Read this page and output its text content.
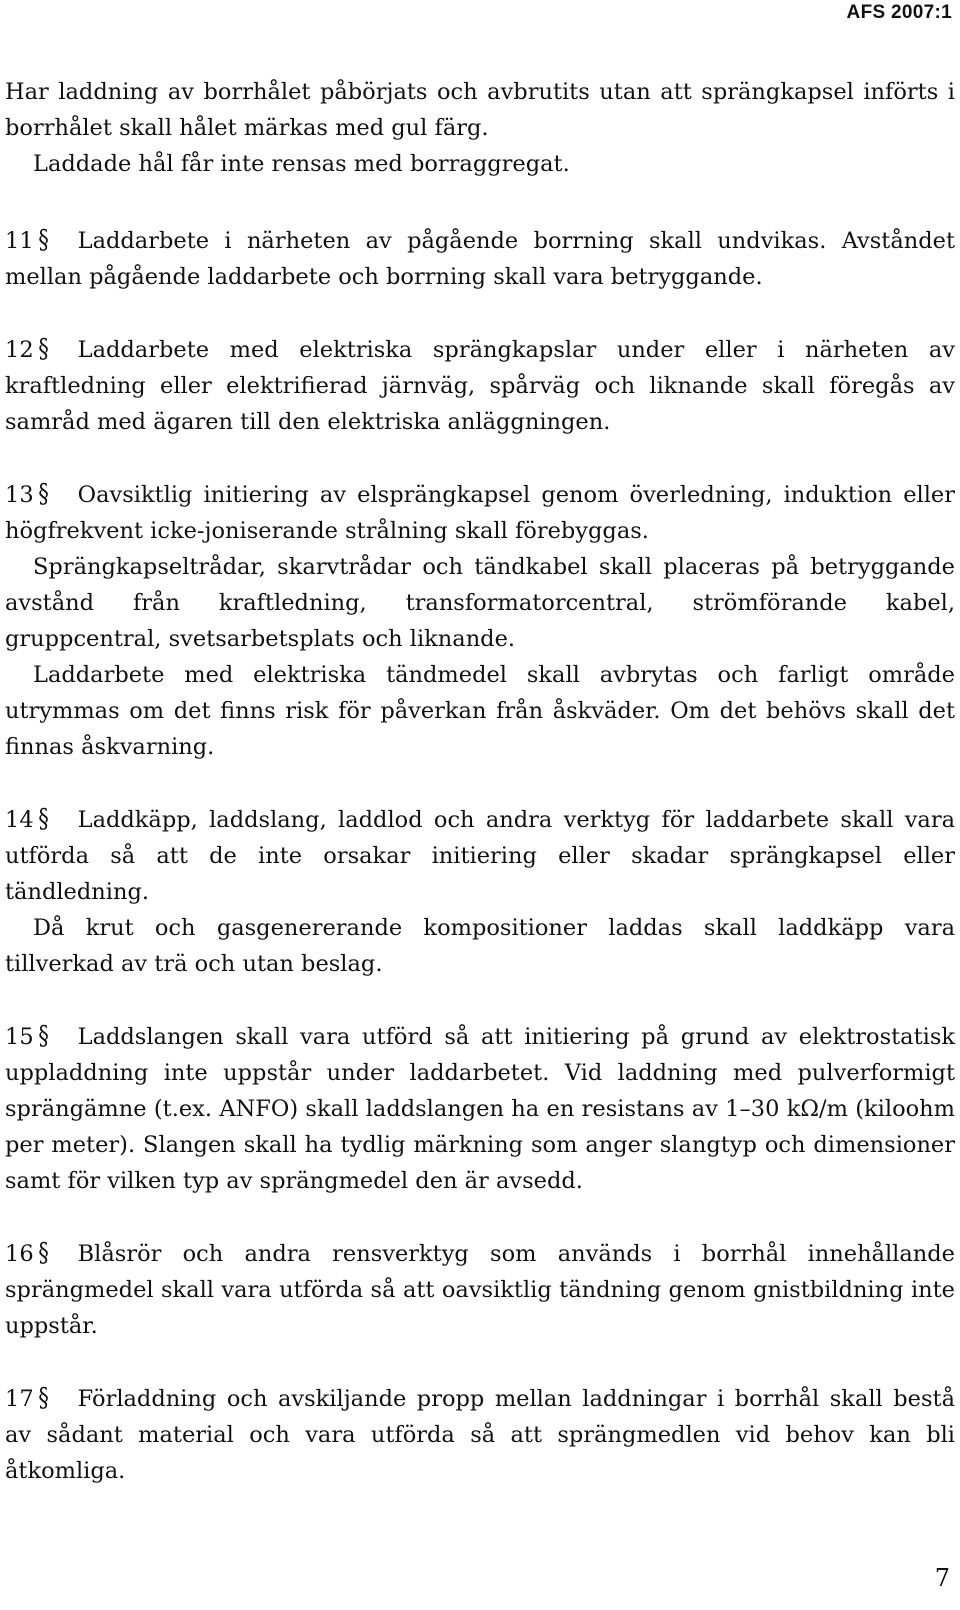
AFS 2007:1

Har laddning av borrhålet påbörjats och avbrutits utan att sprängkapsel införts i borrhålet skall hålet märkas med gul färg.

Laddade hål får inte rensas med borraggregat.

11 § Laddarbete i närheten av pågående borrning skall undvikas. Avståndet mellan pågående laddarbete och borrning skall vara betryggande.

12 § Laddarbete med elektriska sprängkapslar under eller i närheten av kraftledning eller elektrifierad järnväg, spårväg och liknande skall föregås av samråd med ägaren till den elektriska anläggningen.

13 § Oavsiktlig initiering av elsprängkapsel genom överledning, induktion eller högfrekvent icke-joniserande strålning skall förebyggas.

Sprängkapseltrådar, skarvtrådar och tändkabel skall placeras på betryggande avstånd från kraftledning, transformatorcentral, strömförande kabel, gruppcentral, svetsarbetsplats och liknande.

Laddarbete med elektriska tändmedel skall avbrytas och farligt område utrymmas om det finns risk för påverkan från åskväder. Om det behövs skall det finnas åskvarning.

14 § Laddkäpp, laddslang, laddlod och andra verktyg för laddarbete skall vara utförda så att de inte orsakar initiering eller skadar sprängkapsel eller tändledning.

Då krut och gasgenererande kompositioner laddas skall laddkäpp vara tillverkad av trä och utan beslag.

15 § Laddslangen skall vara utförd så att initiering på grund av elektrostatisk uppladdning inte uppstår under laddarbetet. Vid laddning med pulverformigt sprängämne (t.ex. ANFO) skall laddslangen ha en resistans av 1–30 kΩ/m (kiloohm per meter). Slangen skall ha tydlig märkning som anger slangtyp och dimensioner samt för vilken typ av sprängmedel den är avsedd.

16 § Blåsrör och andra rensverktyg som används i borrhål innehållande sprängmedel skall vara utförda så att oavsiktlig tändning genom gnistbildning inte uppstår.

17 § Förladdning och avskiljande propp mellan laddningar i borrhål skall bestå av sådant material och vara utförda så att sprängmedlen vid behov kan bli åtkomliga.

7
